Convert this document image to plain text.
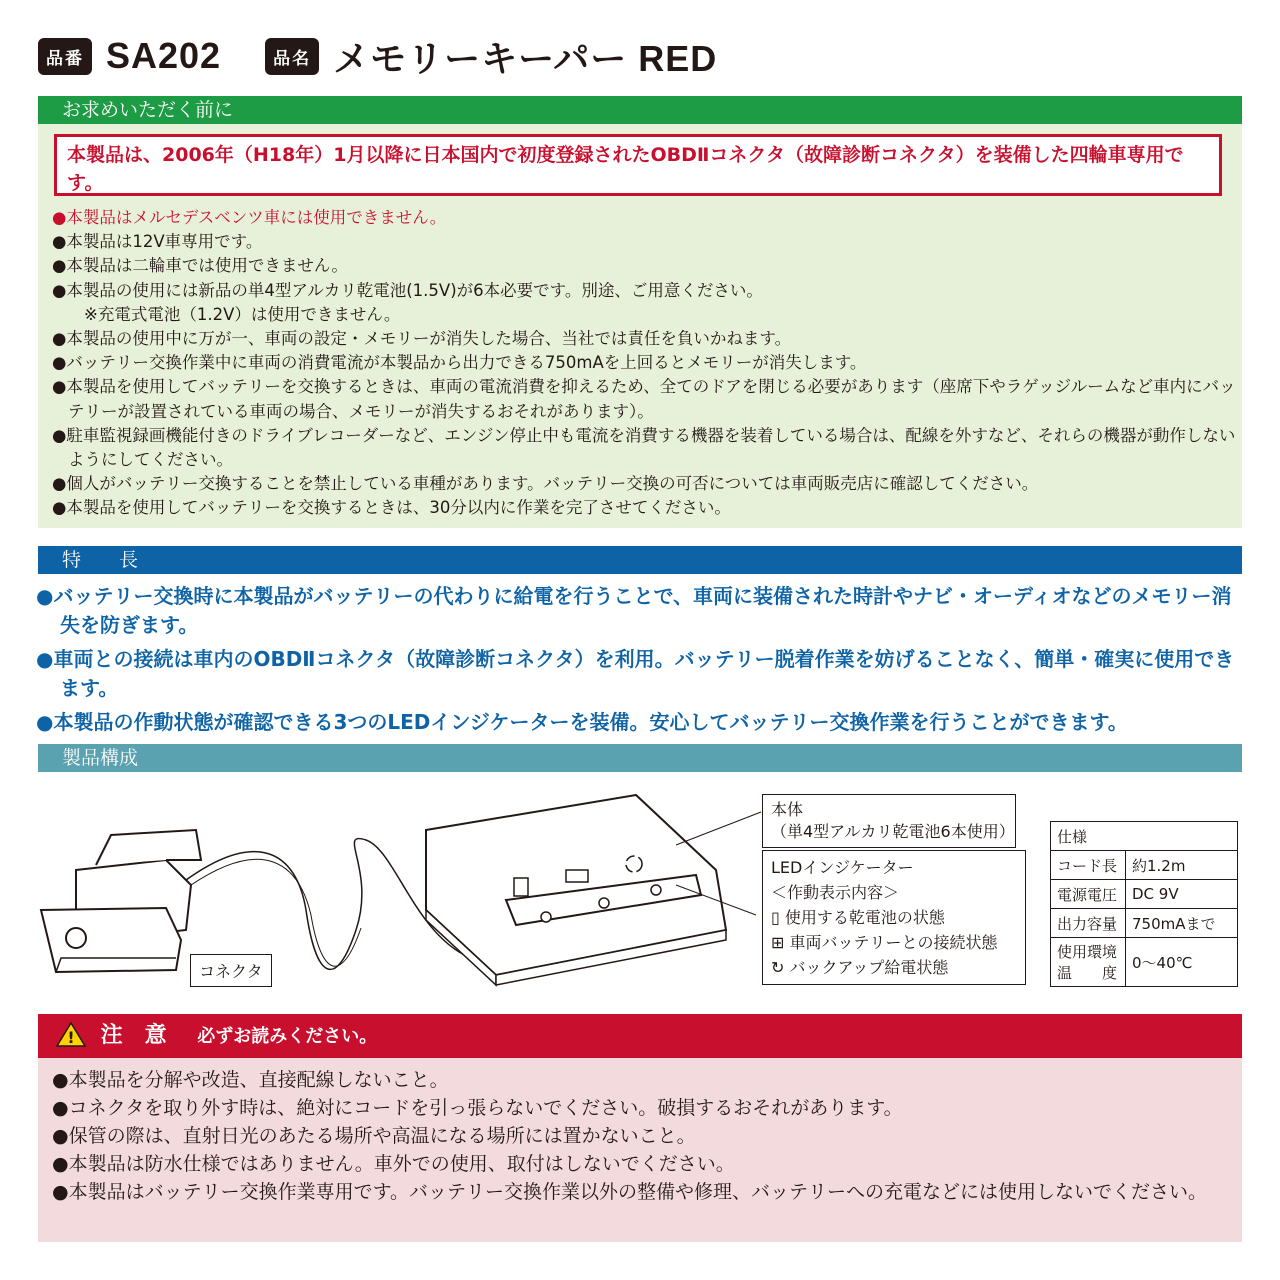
品番 SA202	品名 メモリーキーパー RED
お求めいただく前に
本製品は、2006年（H18年）1月以降に日本国内で初度登録されたOBDⅡコネクタ（故障診断コネクタ）を装備した四輪車専用です。
●本製品はメルセデスベンツ車には使用できません。
●本製品は12V車専用です。
●本製品は二輪車では使用できません。
●本製品の使用には新品の単4型アルカリ乾電池(1.5V)が6本必要です。別途、ご用意ください。
※充電式電池（1.2V）は使用できません。
●本製品の使用中に万が一、車両の設定・メモリーが消失した場合、当社では責任を負いかねます。
●バッテリー交換作業中に車両の消費電流が本製品から出力できる750mAを上回るとメモリーが消失します。
●本製品を使用してバッテリーを交換するときは、車両の電流消費を抑えるため、全てのドアを閉じる必要があります（座席下やラゲッジルームなど車内にバッテリーが設置されている車両の場合、メモリーが消失するおそれがあります）。
●駐車監視録画機能付きのドライブレコーダーなど、エンジン停止中も電流を消費する機器を装着している場合は、配線を外すなど、それらの機器が動作しないようにしてください。
●個人がバッテリー交換することを禁止している車種があります。バッテリー交換の可否については車両販売店に確認してください。
●本製品を使用してバッテリーを交換するときは、30分以内に作業を完了させてください。
特　　長
●バッテリー交換時に本製品がバッテリーの代わりに給電を行うことで、車両に装備された時計やナビ・オーディオなどのメモリー消失を防ぎます。
●車両との接続は車内のOBDⅡコネクタ（故障診断コネクタ）を利用。バッテリー脱着作業を妨げることなく、簡単・確実に使用できます。
●本製品の作動状態が確認できる3つのLEDインジケーターを装備。安心してバッテリー交換作業を行うことができます。
製品構成
コネクタ
本体
（単4型アルカリ乾電池6本使用）
LEDインジケーター
＜作動表示内容＞
▯ 使用する乾電池の状態
⊞ 車両バッテリーとの接続状態
↻ バックアップ給電状態
仕様	
コード長	約1.2m
電源電圧	DC 9V
出力容量	750mAまで
使用環境温　　度	0〜40℃
! 注　意 必ずお読みください。
●本製品を分解や改造、直接配線しないこと。
●コネクタを取り外す時は、絶対にコードを引っ張らないでください。破損するおそれがあります。
●保管の際は、直射日光のあたる場所や高温になる場所には置かないこと。
●本製品は防水仕様ではありません。車外での使用、取付はしないでください。
●本製品はバッテリー交換作業専用です。バッテリー交換作業以外の整備や修理、バッテリーへの充電などには使用しないでください。
